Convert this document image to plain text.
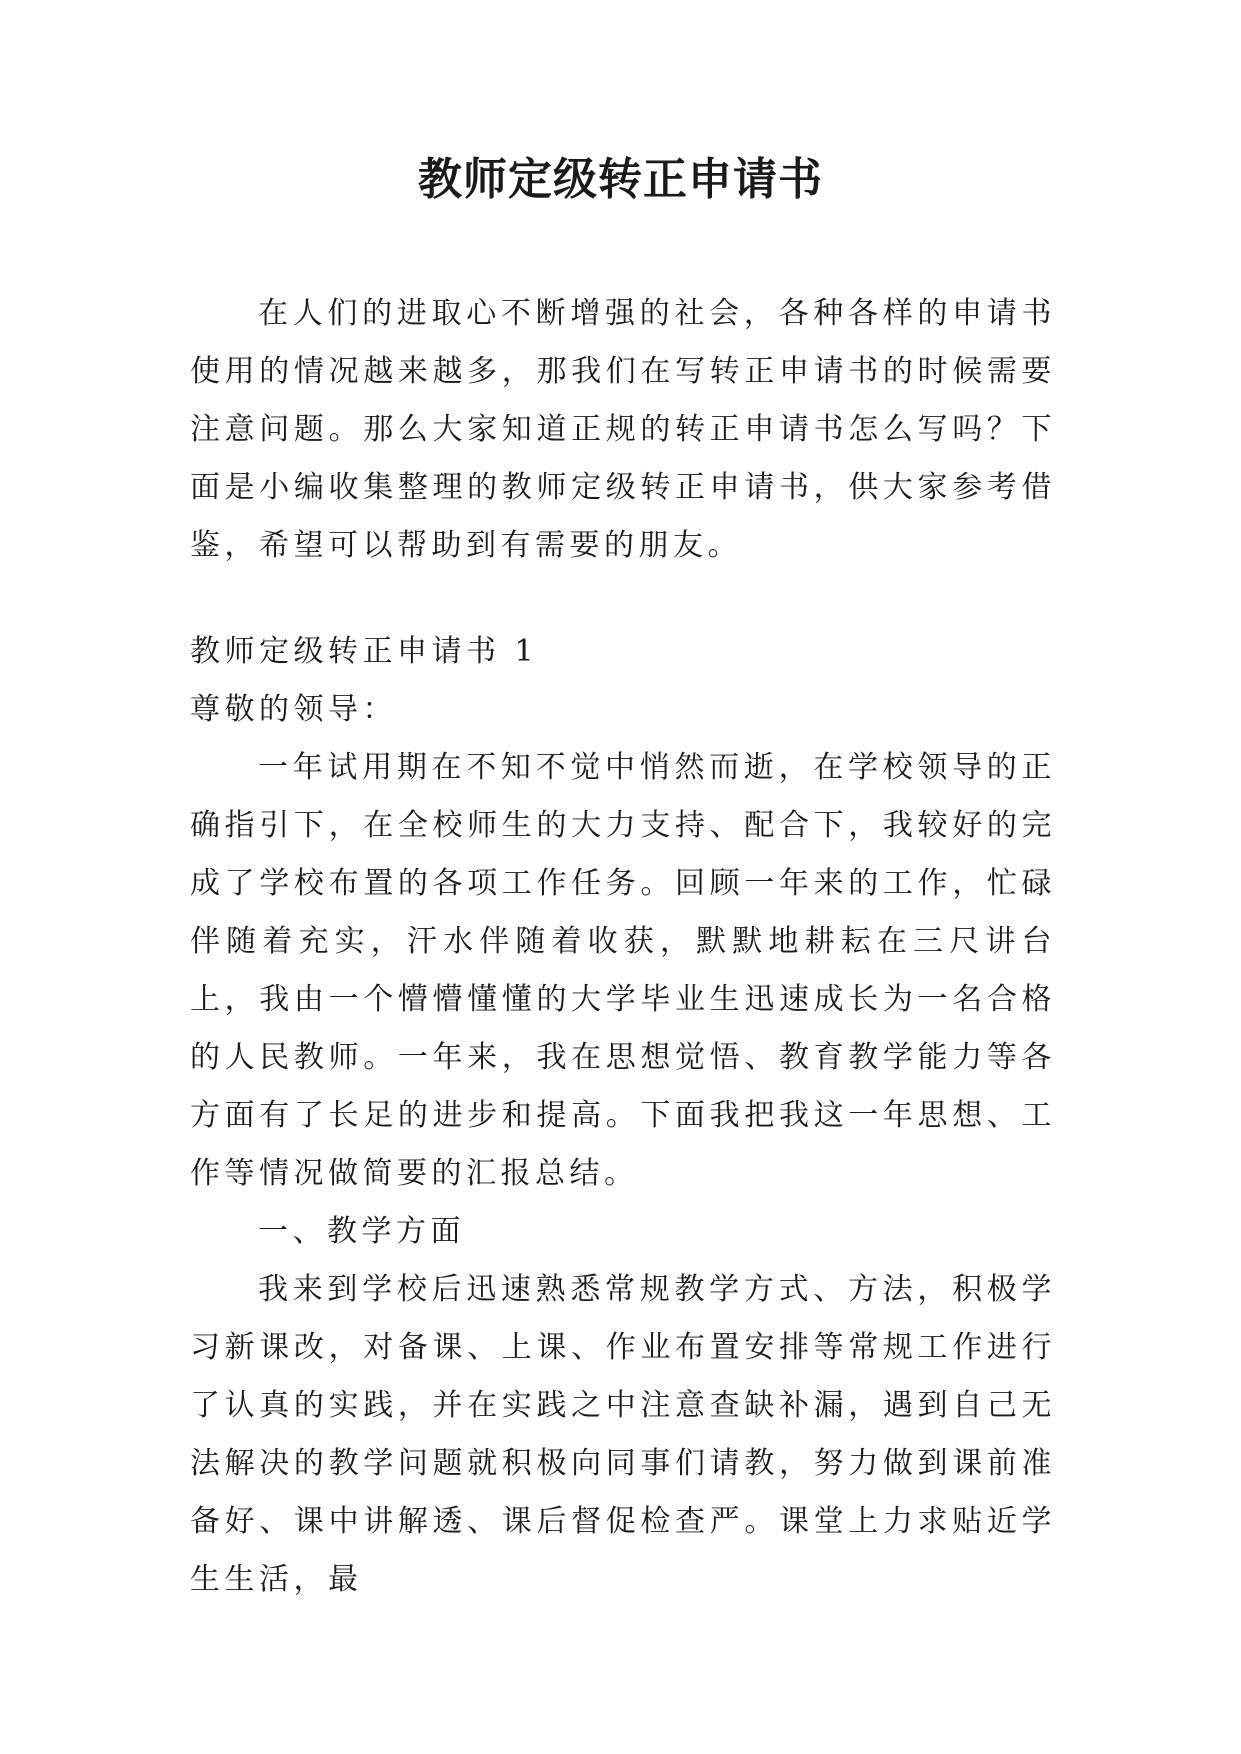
教师定级转正申请书

在人们的进取心不断增强的社会，各种各样的申请书使用的情况越来越多，那我们在写转正申请书的时候需要注意问题。那么大家知道正规的转正申请书怎么写吗？下面是小编收集整理的教师定级转正申请书，供大家参考借鉴，希望可以帮助到有需要的朋友。

教师定级转正申请书 1

尊敬的领导：

一年试用期在不知不觉中悄然而逝，在学校领导的正确指引下，在全校师生的大力支持、配合下，我较好的完成了学校布置的各项工作任务。回顾一年来的工作，忙碌伴随着充实，汗水伴随着收获，默默地耕耘在三尺讲台上，我由一个懵懵懂懂的大学毕业生迅速成长为一名合格的人民教师。一年来，我在思想觉悟、教育教学能力等各方面有了长足的进步和提高。下面我把我这一年思想、工作等情况做简要的汇报总结。

一、教学方面

我来到学校后迅速熟悉常规教学方式、方法，积极学习新课改，对备课、上课、作业布置安排等常规工作进行了认真的实践，并在实践之中注意查缺补漏，遇到自己无法解决的教学问题就积极向同事们请教，努力做到课前准备好、课中讲解透、课后督促检查严。课堂上力求贴近学生生活，最
